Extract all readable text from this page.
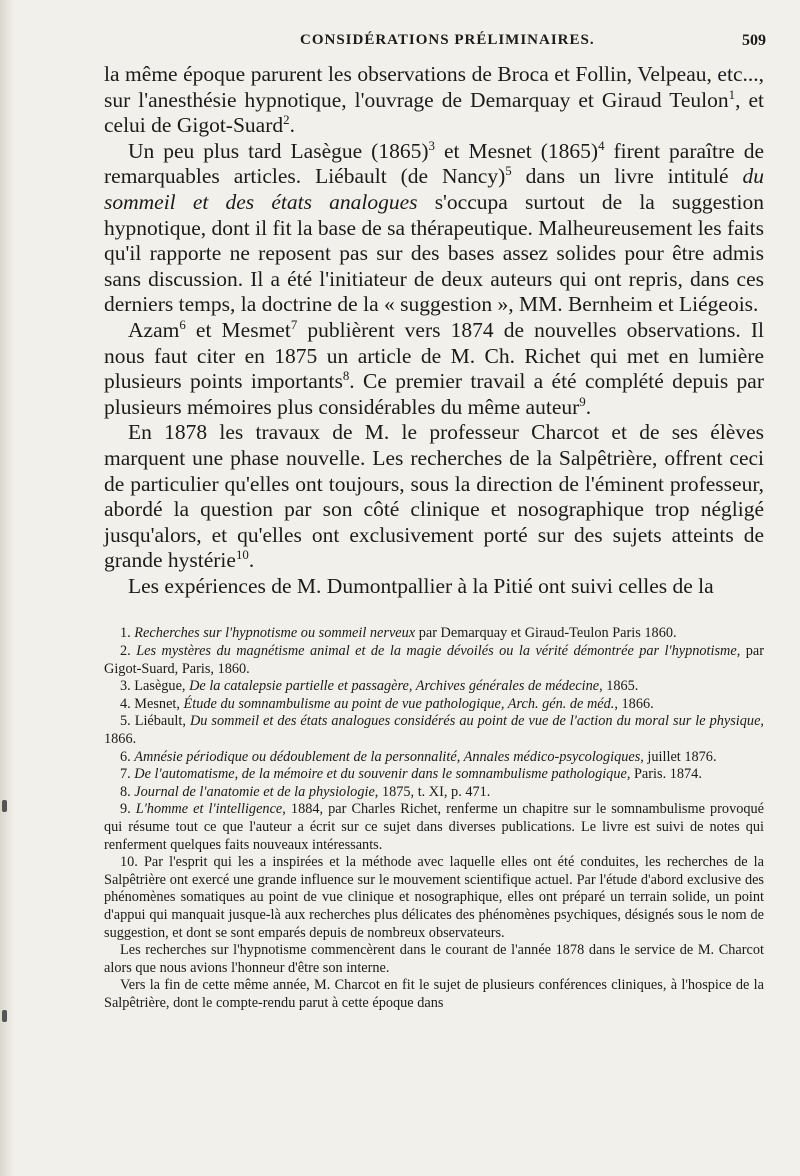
CONSIDÉRATIONS PRÉLIMINAIRES.	509

la même époque parurent les observations de Broca et Follin, Velpeau, etc..., sur l'anesthésie hypnotique, l'ouvrage de Demarquay et Giraud Teulon$^1$, et celui de Gigot-Suard$^2$.

Un peu plus tard Lasègue $(1865)^3$ et Mesnet $(1865)^4$ firent paraître de remarquables articles. Liébault (de Nancy)$^5$ dans un livre intitulé du sommeil et des états analogues s'occupa surtout de la suggestion hypnotique, dont il fit la base de sa thérapeutique. Malheureusement les faits qu'il rapporte ne reposent pas sur des bases assez solides pour être admis sans discussion. Il a été l'initiateur de deux auteurs qui ont repris, dans ces derniers temps, la doctrine de la « suggestion », MM. Bernheim et Liégeois.

Azam$^6$ et Mesmet$^7$ publièrent vers 1874 de nouvelles observations. Il nous faut citer en 1875 un article de M. Ch. Richet qui met en lumière plusieurs points importants$^8$. Ce premier travail a été complété depuis par plusieurs mémoires plus considérables du même auteur$^9$.

En 1878 les travaux de M. le professeur Charcot et de ses élèves marquent une phase nouvelle. Les recherches de la Salpêtrière, offrent ceci de particulier qu'elles ont toujours, sous la direction de l'éminent professeur, abordé la question par son côté clinique et nosographique trop négligé jusqu'alors, et qu'elles ont exclusivement porté sur des sujets atteints de grande hystérie$^{10}$.

Les expériences de M. Dumontpallier à la Pitié ont suivi celles de la

1. Recherches sur l'hypnotisme ou sommeil nerveux par Demarquay et Giraud-Teulon Paris 1860.

2. Les mystères du magnétisme animal et de la magie dévoilés ou la vérité démontrée par l'hypnotisme, par Gigot-Suard, Paris, 1860.

3. Lasègue, De la catalepsie partielle et passagère, Archives générales de médecine, 1865.

4. Mesnet, Étude du somnambulisme au point de vue pathologique, Arch. gén. de méd., 1866.

5. Liébault, Du sommeil et des états analogues considérés au point de vue de l'action du moral sur le physique, 1866.

6. Amnésie périodique ou dédoublement de la personnalité, Annales médico-psycologiques, juillet 1876.

7. De l'automatisme, de la mémoire et du souvenir dans le somnambulisme pathologique, Paris. 1874.

8. Journal de l'anatomie et de la physiologie, 1875, t. XI, p. 471.

9. L'homme et l'intelligence, 1884, par Charles Richet, renferme un chapitre sur le somnambulisme provoqué qui résume tout ce que l'auteur a écrit sur ce sujet dans diverses publications. Le livre est suivi de notes qui renferment quelques faits nouveaux intéressants.

10. Par l'esprit qui les a inspirées et la méthode avec laquelle elles ont été conduites, les recherches de la Salpêtrière ont exercé une grande influence sur le mouvement scientifique actuel. Par l'étude d'abord exclusive des phénomènes somatiques au point de vue clinique et nosographique, elles ont préparé un terrain solide, un point d'appui qui manquait jusque-là aux recherches plus délicates des phénomènes psychiques, désignés sous le nom de suggestion, et dont se sont emparés depuis de nombreux observateurs.

Les recherches sur l'hypnotisme commencèrent dans le courant de l'année 1878 dans le service de M. Charcot alors que nous avions l'honneur d'être son interne.

Vers la fin de cette même année, M. Charcot en fit le sujet de plusieurs conférences cliniques, à l'hospice de la Salpêtrière, dont le compte-rendu parut à cette époque dans
